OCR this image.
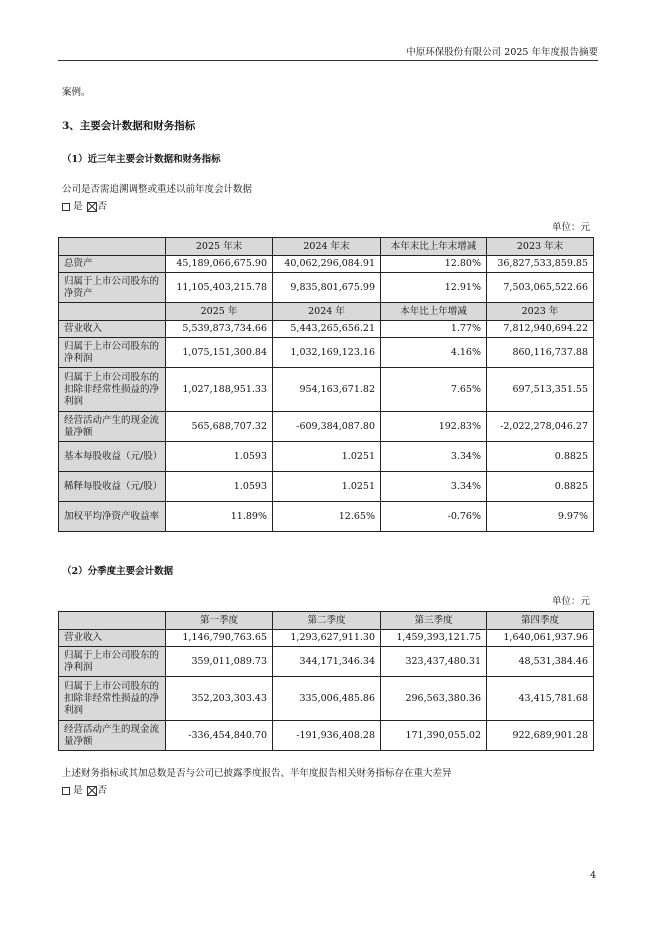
中原环保股份有限公司 2025 年年度报告摘要
案例。
3、主要会计数据和财务指标
（1）近三年主要会计数据和财务指标
公司是否需追溯调整或重述以前年度会计数据
是 否
单位：元
	2025 年末	2024 年末	本年末比上年末增减	2023 年末
总资产	45,189,066,675.90	40,062,296,084.91	12.80%	36,827,533,859.85
归属于上市公司股东的净资产	11,105,403,215.78	9,835,801,675.99	12.91%	7,503,065,522.66
	2025 年	2024 年	本年比上年增减	2023 年
营业收入	5,539,873,734.66	5,443,265,656.21	1.77%	7,812,940,694.22
归属于上市公司股东的净利润	1,075,151,300.84	1,032,169,123.16	4.16%	860,116,737.88
归属于上市公司股东的扣除非经常性损益的净利润	1,027,188,951.33	954,163,671.82	7.65%	697,513,351.55
经营活动产生的现金流量净额	565,688,707.32	-609,384,087.80	192.83%	-2,022,278,046.27
基本每股收益（元/股）	1.0593	1.0251	3.34%	0.8825
稀释每股收益（元/股）	1.0593	1.0251	3.34%	0.8825
加权平均净资产收益率	11.89%	12.65%	-0.76%	9.97%
（2）分季度主要会计数据
单位：元
	第一季度	第二季度	第三季度	第四季度
营业收入	1,146,790,763.65	1,293,627,911.30	1,459,393,121.75	1,640,061,937.96
归属于上市公司股东的净利润	359,011,089.73	344,171,346.34	323,437,480.31	48,531,384.46
归属于上市公司股东的扣除非经常性损益的净利润	352,203,303.43	335,006,485.86	296,563,380.36	43,415,781.68
经营活动产生的现金流量净额	-336,454,840.70	-191,936,408.28	171,390,055.02	922,689,901.28
上述财务指标或其加总数是否与公司已披露季度报告、半年度报告相关财务指标存在重大差异
是 否
4
